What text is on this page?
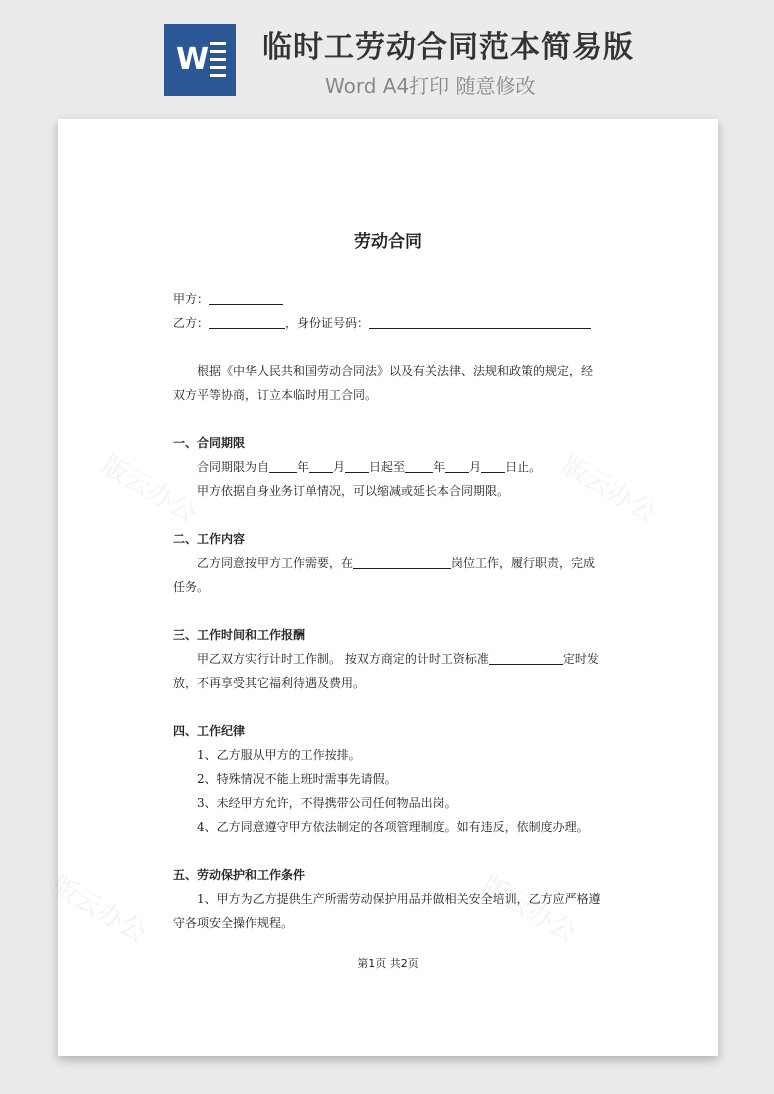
W 临时工劳动合同范本简易版
Word A4打印 随意修改
版云办公	版云办公
版云办公	版云办公
劳动合同
甲方：
乙方：	，身份证号码：
根据《中华人民共和国劳动合同法》以及有关法律、法规和政策的规定，经双方平等协商，订立本临时用工合同。
一、合同期限
合同期限为自 年 月 日起至 年 月 日止。
甲方依据自身业务订单情况，可以缩减或延长本合同期限。
二、工作内容
乙方同意按甲方工作需要，在	岗位工作，履行职责，完成任务。
三、工作时间和工作报酬
甲乙双方实行计时工作制。 按双方商定的计时工资标准	定时发放，不再享受其它福利待遇及费用。
四、工作纪律
1、乙方服从甲方的工作按排。
2、特殊情况不能上班时需事先请假。
3、未经甲方允许，不得携带公司任何物品出岗。
4、乙方同意遵守甲方依法制定的各项管理制度。如有违反，依制度办理。
五、劳动保护和工作条件
1、甲方为乙方提供生产所需劳动保护用品并做相关安全培训，乙方应严格遵守各项安全操作规程。
第1页 共2页
